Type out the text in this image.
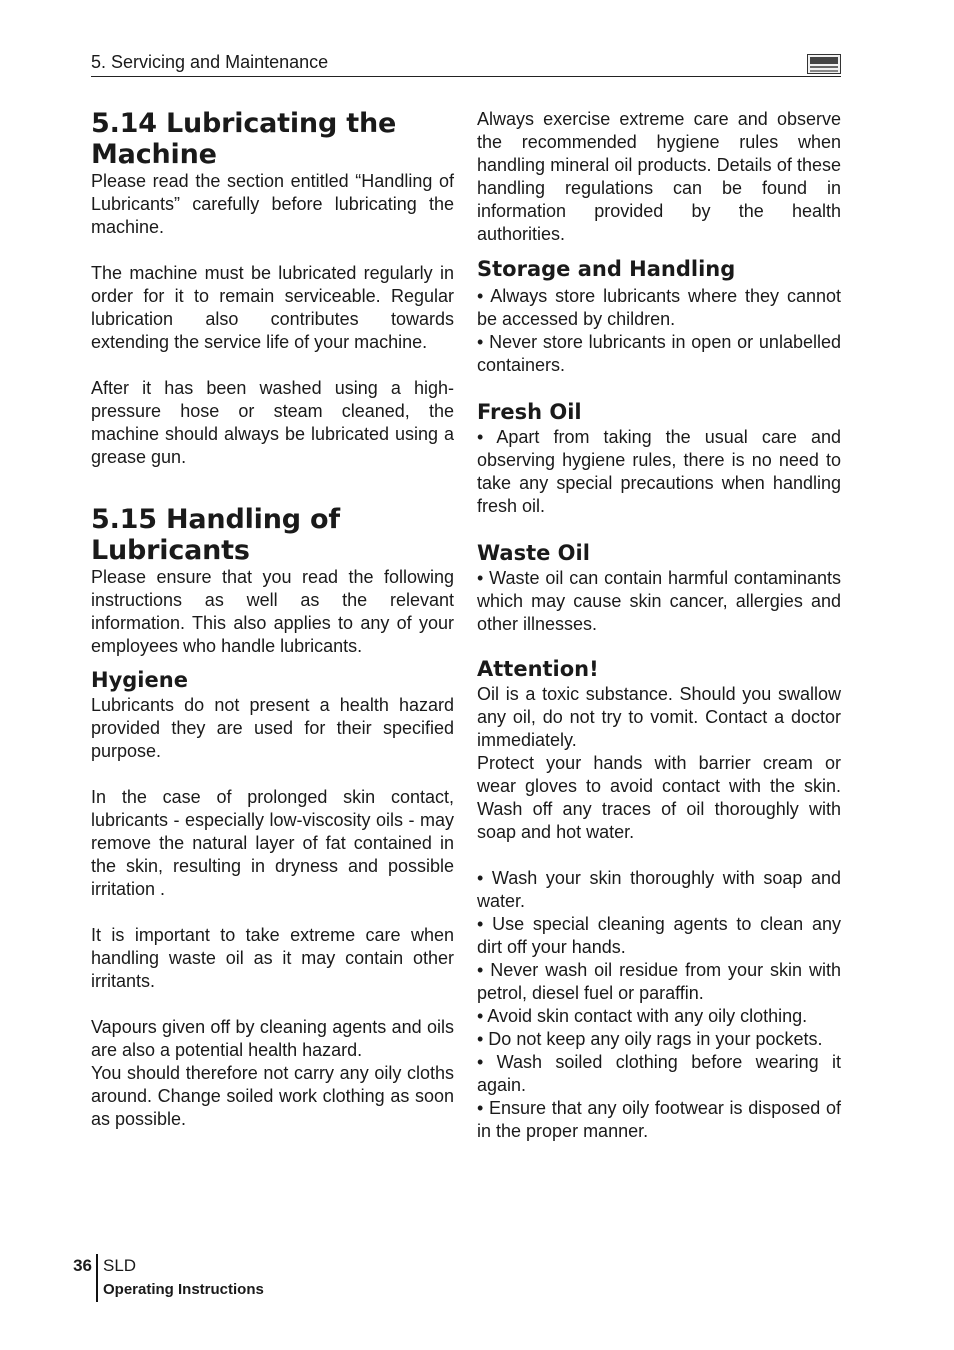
5. Servicing and Maintenance
5.14 Lubricating the Machine

Please read the section entitled “Handling of Lubricants” carefully before lubricating the machine.

The machine must be lubricated regularly in order for it to remain serviceable. Regular lubrication also contributes towards extending the service life of your machine.

After it has been washed using a high-pressure hose or steam cleaned, the machine should always be lubricated using a grease gun.

5.15 Handling of Lubricants

Please ensure that you read the following instructions as well as the relevant information. This also applies to any of your employees who handle lubricants.

Hygiene

Lubricants do not present a health hazard provided they are used for their specified purpose.

In the case of prolonged skin contact, lubricants - especially low-viscosity oils - may remove the natural layer of fat contained in the skin, resulting in dryness and possible irritation .

It is important to take extreme care when handling waste oil as it may contain other irritants.

Vapours given off by cleaning agents and oils are also a potential health hazard.

You should therefore not carry any oily cloths around. Change soiled work clothing as soon as possible.

Always exercise extreme care and observe the recommended hygiene rules when handling mineral oil products. Details of these handling regulations can be found in information provided by the health authorities.

Storage and Handling

• Always store lubricants where they cannot be accessed by children.

• Never store lubricants in open or unlabelled containers.

Fresh Oil

• Apart from taking the usual care and observing hygiene rules, there is no need to take any special precautions when handling fresh oil.

Waste Oil

• Waste oil can contain harmful contaminants which may cause skin cancer, allergies and other illnesses.

Attention!

Oil is a toxic substance. Should you swallow any oil, do not try to vomit. Contact a doctor immediately.

Protect your hands with barrier cream or wear gloves to avoid contact with the skin. Wash off any traces of oil thoroughly with soap and hot water.

• Wash your skin thoroughly with soap and water.

• Use special cleaning agents to clean any dirt off your hands.

• Never wash oil residue from your skin with petrol, diesel fuel or paraffin.

• Avoid skin contact with any oily clothing.

• Do not keep any oily rags in your pockets.

• Wash soiled clothing before wearing it again.

• Ensure that any oily footwear is disposed of in the proper manner.

36 SLD
Operating Instructions
